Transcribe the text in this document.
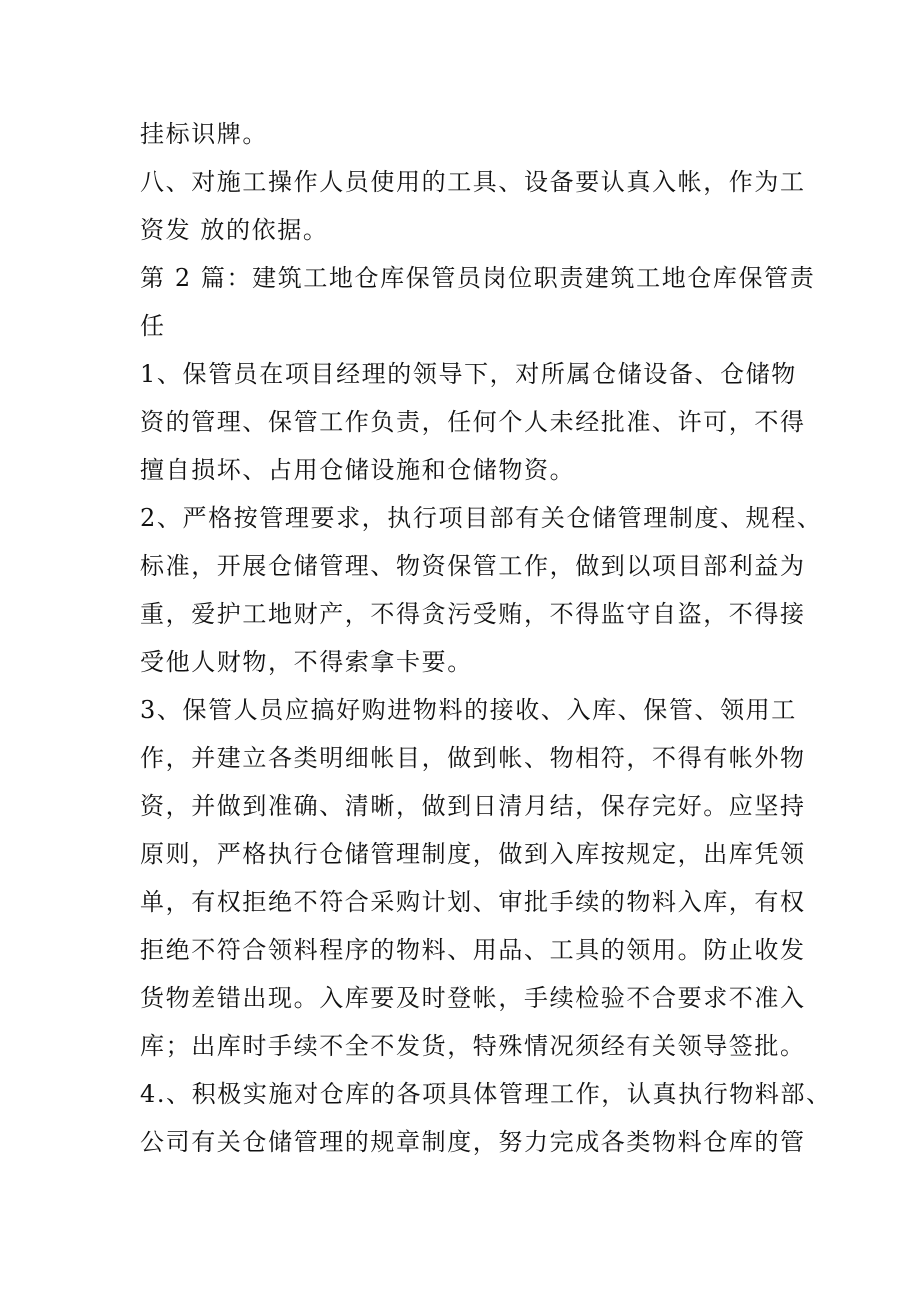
挂标识牌。
八、对施工操作人员使用的工具、设备要认真入帐，作为工
资发 放的依据。
第 2 篇：建筑工地仓库保管员岗位职责建筑工地仓库保管责
任
1、保管员在项目经理的领导下，对所属仓储设备、仓储物
资的管理、保管工作负责，任何个人未经批准、许可，不得
擅自损坏、占用仓储设施和仓储物资。
2、严格按管理要求，执行项目部有关仓储管理制度、规程、
标准，开展仓储管理、物资保管工作，做到以项目部利益为
重，爱护工地财产，不得贪污受贿，不得监守自盗，不得接
受他人财物，不得索拿卡要。
3、保管人员应搞好购进物料的接收、入库、保管、领用工
作，并建立各类明细帐目，做到帐、物相符，不得有帐外物
资，并做到准确、清晰，做到日清月结，保存完好。应坚持
原则，严格执行仓储管理制度，做到入库按规定，出库凭领
单，有权拒绝不符合采购计划、审批手续的物料入库，有权
拒绝不符合领料程序的物料、用品、工具的领用。防止收发
货物差错出现。入库要及时登帐，手续检验不合要求不准入
库；出库时手续不全不发货，特殊情况须经有关领导签批。
4.、积极实施对仓库的各项具体管理工作，认真执行物料部、
公司有关仓储管理的规章制度，努力完成各类物料仓库的管
